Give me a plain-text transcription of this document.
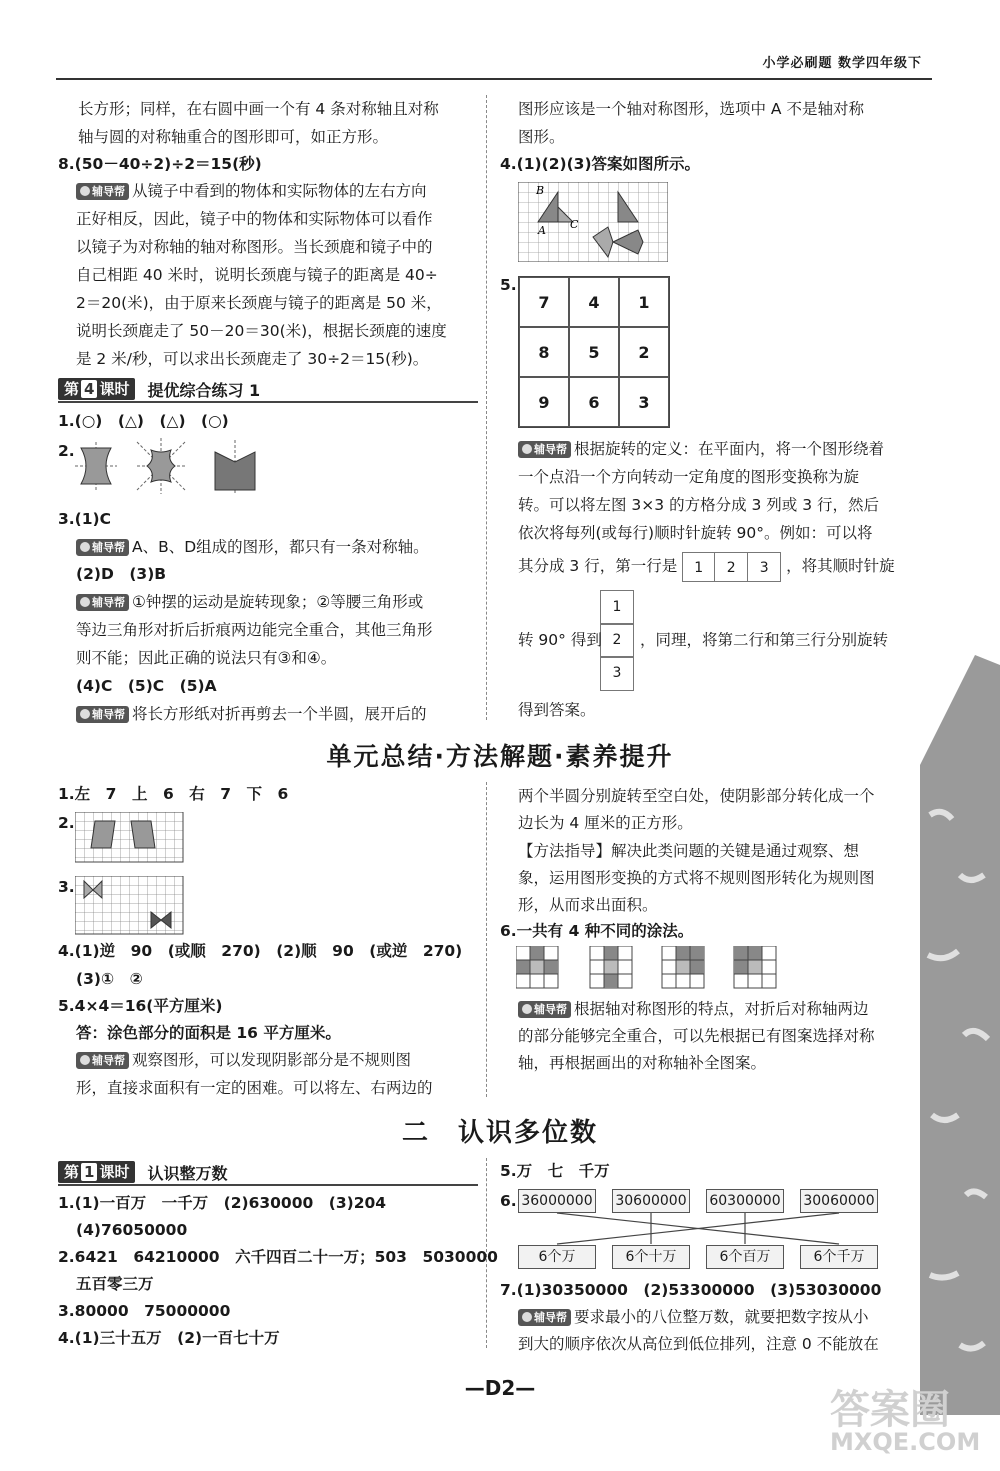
小学必刷题 数学四年级下
长方形；同样，在右圆中画一个有 4 条对称轴且对称
轴与圆的对称轴重合的图形即可，如正方形。
8.(50－40÷2)÷2＝15(秒)
辅导帮 从镜子中看到的物体和实际物体的左右方向
正好相反，因此，镜子中的物体和实际物体可以看作
以镜子为对称轴的轴对称图形。当长颈鹿和镜子中的
自己相距 40 米时，说明长颈鹿与镜子的距离是 40÷
2＝20(米)，由于原来长颈鹿与镜子的距离是 50 米，
说明长颈鹿走了 50－20＝30(米)，根据长颈鹿的速度
是 2 米/秒，可以求出长颈鹿走了 30÷2＝15(秒)。
第 4 课时	提优综合练习 1
1.(○)　(△)　(△)　(○)
2.
3.(1)C
辅导帮 A、B、D组成的图形，都只有一条对称轴。
(2)D　(3)B
辅导帮 ①钟摆的运动是旋转现象；②等腰三角形或
等边三角形对折后折痕两边能完全重合，其他三角形
则不能；因此正确的说法只有③和④。
(4)C　(5)C　(5)A
辅导帮 将长方形纸对折再剪去一个半圆，展开后的
图形应该是一个轴对称图形，选项中 A 不是轴对称
图形。
4.(1)(2)(3)答案如图所示。
B
A C
5.
7	4	1
8	5	2
9	6	3
辅导帮 根据旋转的定义：在平面内，将一个图形绕着
一个点沿一个方向转动一定角度的图形变换称为旋
转。可以将左图 3×3 的方格分成 3 列或 3 行，然后
依次将每列(或每行)顺时针旋转 90°。例如：可以将
其分成 3 行，第一行是 1 2 3 ，将其顺时针旋
1
2
3
转 90° 得到 ，同理，将第二行和第三行分别旋转
得到答案。
单元总结·方法解题·素养提升
1.左　7　上　6　右　7　下　6
2.
3.
4.(1)逆　90　(或顺　270)　(2)顺　90　(或逆　270)
(3)①　②
5.4×4＝16(平方厘米)
答：涂色部分的面积是 16 平方厘米。
辅导帮 观察图形，可以发现阴影部分是不规则图
形，直接求面积有一定的困难。可以将左、右两边的
两个半圆分别旋转至空白处，使阴影部分转化成一个
边长为 4 厘米的正方形。
【方法指导】解决此类问题的关键是通过观察、想
象，运用图形变换的方式将不规则图形转化为规则图
形，从而求出面积。
6.一共有 4 种不同的涂法。
辅导帮 根据轴对称图形的特点，对折后对称轴两边
的部分能够完全重合，可以先根据已有图案选择对称
轴，再根据画出的对称轴补全图案。
二　认识多位数
第 1 课时	认识整万数
1.(1)一百万　一千万　(2)630000　(3)204
(4)76050000
2.6421　64210000　六千四百二十一万；503　5030000
五百零三万
3.80000　75000000
4.(1)三十五万　(2)一百七十万
5.万　七　千万
6. 36000000 30600000 60300000 30060000
6个万	6个十万	6个百万	6个千万
7.(1)30350000　(2)53300000　(3)53030000
辅导帮 要求最小的八位整万数，就要把数字按从小
到大的顺序依次从高位到低位排列，注意 0 不能放在
—D2—	答案圈
MXQE.COM
